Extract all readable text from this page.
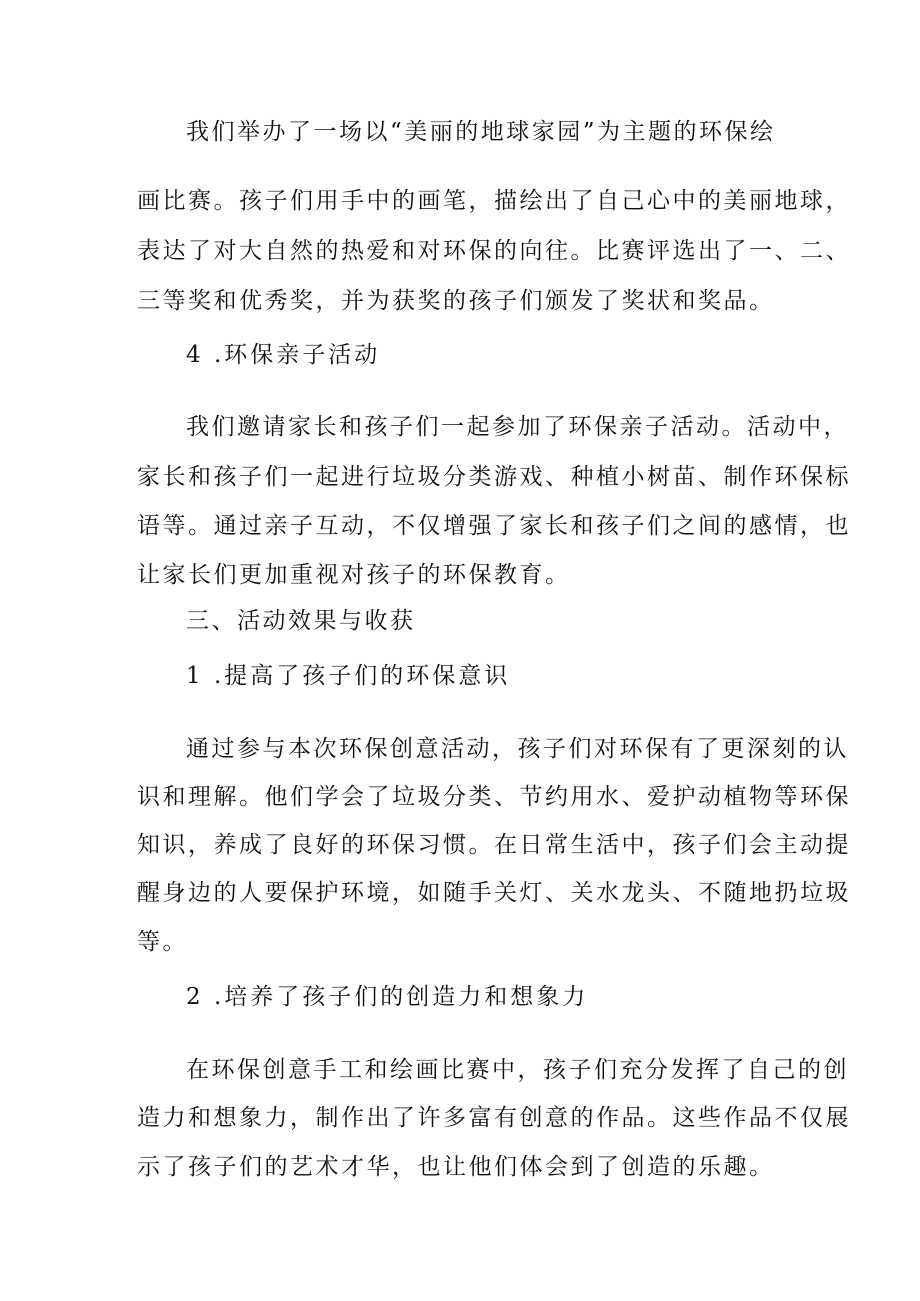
我们举办了一场以“美丽的地球家园”为主题的环保绘
画比赛。孩子们用手中的画笔，描绘出了自己心中的美丽地球，
表达了对大自然的热爱和对环保的向往。比赛评选出了一、二、
三等奖和优秀奖，并为获奖的孩子们颁发了奖状和奖品。
4 .环保亲子活动
我们邀请家长和孩子们一起参加了环保亲子活动。活动中，
家长和孩子们一起进行垃圾分类游戏、种植小树苗、制作环保标
语等。通过亲子互动，不仅增强了家长和孩子们之间的感情，也
让家长们更加重视对孩子的环保教育。
三、活动效果与收获
1 .提高了孩子们的环保意识
通过参与本次环保创意活动，孩子们对环保有了更深刻的认
识和理解。他们学会了垃圾分类、节约用水、爱护动植物等环保
知识，养成了良好的环保习惯。在日常生活中，孩子们会主动提
醒身边的人要保护环境，如随手关灯、关水龙头、不随地扔垃圾
等。
2 .培养了孩子们的创造力和想象力
在环保创意手工和绘画比赛中，孩子们充分发挥了自己的创
造力和想象力，制作出了许多富有创意的作品。这些作品不仅展
示了孩子们的艺术才华，也让他们体会到了创造的乐趣。
